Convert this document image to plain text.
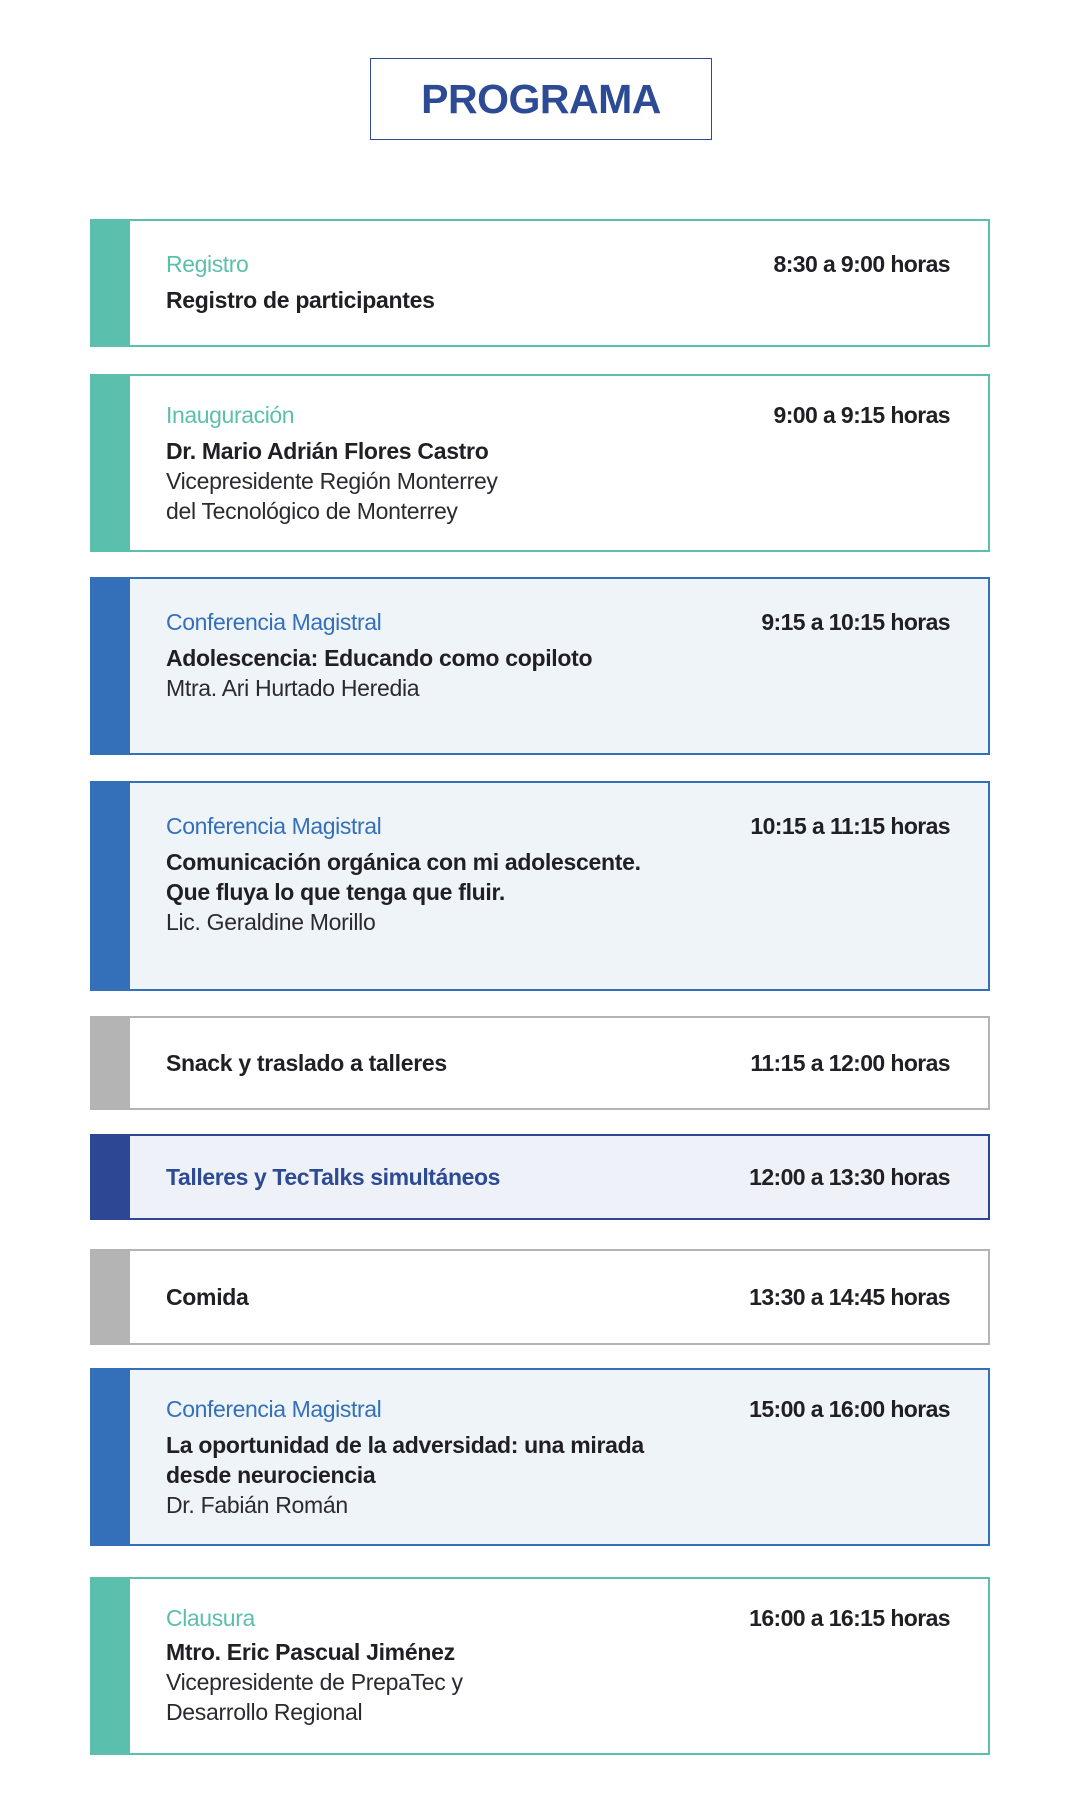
PROGRAMA
Registro
Registro de participantes
8:30 a 9:00 horas
Inauguración
Dr. Mario Adrián Flores Castro
Vicepresidente Región Monterrey
del Tecnológico de Monterrey
9:00 a 9:15 horas
Conferencia Magistral
Adolescencia: Educando como copiloto
Mtra. Ari Hurtado Heredia
9:15 a 10:15 horas
Conferencia Magistral
Comunicación orgánica con mi adolescente.
Que fluya lo que tenga que fluir.
Lic. Geraldine Morillo
10:15 a 11:15 horas
Snack y traslado a talleres	11:15 a 12:00 horas
Talleres y TecTalks simultáneos	12:00 a 13:30 horas
Comida	13:30 a 14:45 horas
Conferencia Magistral
La oportunidad de la adversidad: una mirada
desde neurociencia
Dr. Fabián Román
15:00 a 16:00 horas
Clausura
Mtro. Eric Pascual Jiménez
Vicepresidente de PrepaTec y
Desarrollo Regional
16:00 a 16:15 horas
